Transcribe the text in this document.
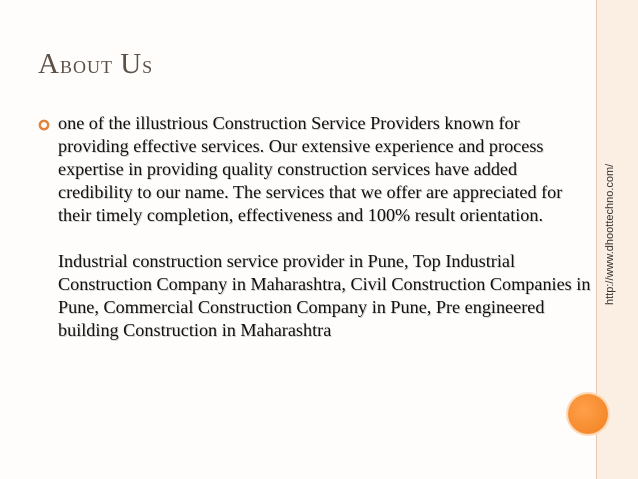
About Us

one of the illustrious Construction Service Providers known for providing effective services. Our extensive experience and process expertise in providing quality construction services have added credibility to our name. The services that we offer are appreciated for their timely completion, effectiveness and 100% result orientation.

Industrial construction service provider in Pune, Top Industrial Construction Company in Maharashtra, Civil Construction Companies in Pune, Commercial Construction Company in Pune, Pre engineered building Construction in Maharashtra

http://www.dhoottechno.com/
